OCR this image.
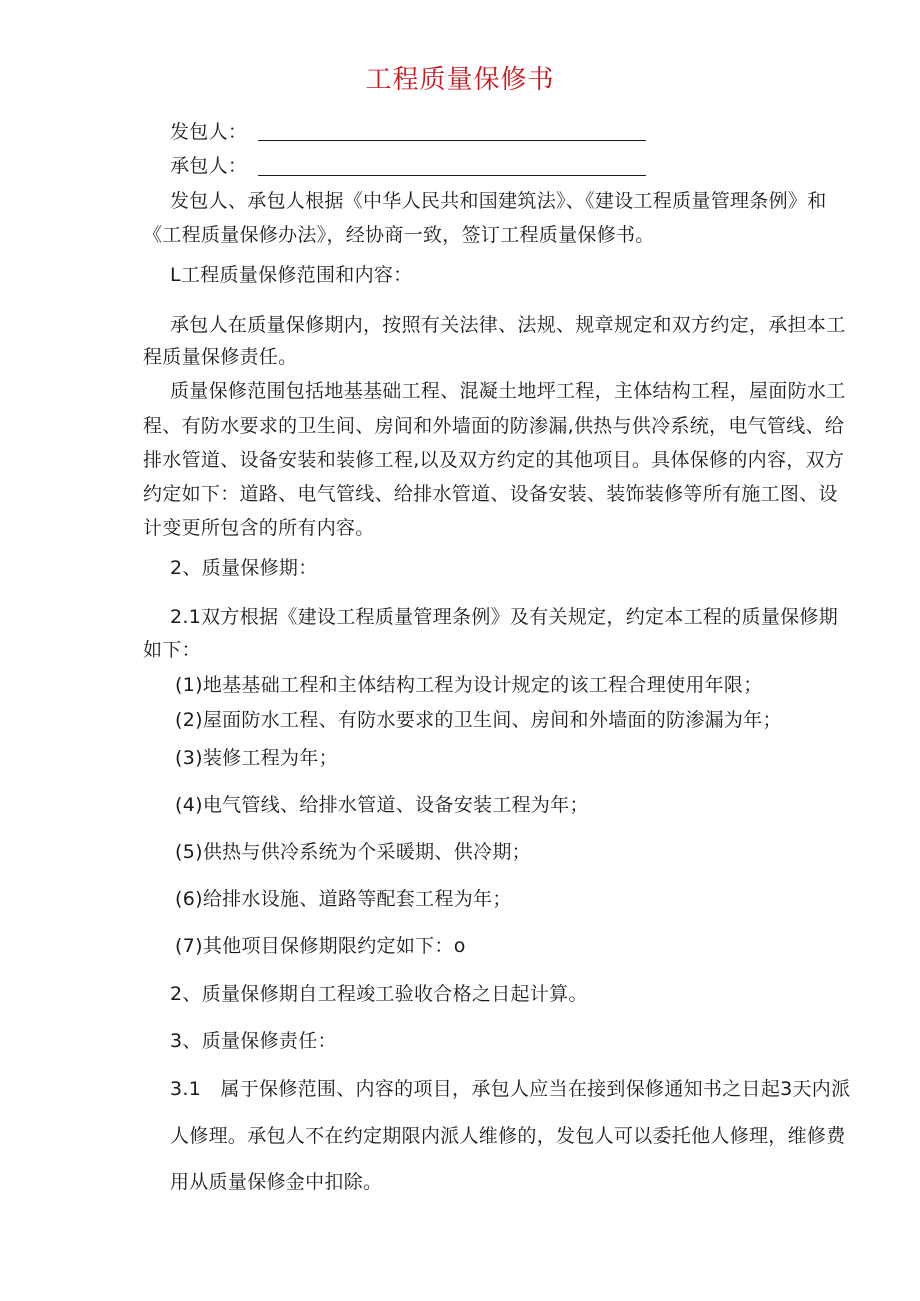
工程质量保修书
发包人：
承包人：
发包人、承包人根据《中华人民共和国建筑法》、《建设工程质量管理条例》和
《工程质量保修办法》，经协商一致，签订工程质量保修书。
L工程质量保修范围和内容：
承包人在质量保修期内，按照有关法律、法规、规章规定和双方约定，承担本工
程质量保修责任。
质量保修范围包括地基基础工程、混凝土地坪工程，主体结构工程，屋面防水工
程、有防水要求的卫生间、房间和外墙面的防渗漏,供热与供冷系统，电气管线、给
排水管道、设备安装和装修工程,以及双方约定的其他项目。具体保修的内容，双方
约定如下：道路、电气管线、给排水管道、设备安装、装饰装修等所有施工图、设
计变更所包含的所有内容。
2、质量保修期：
2.1双方根据《建设工程质量管理条例》及有关规定，约定本工程的质量保修期
如下：
(1)地基基础工程和主体结构工程为设计规定的该工程合理使用年限；
(2)屋面防水工程、有防水要求的卫生间、房间和外墙面的防渗漏为年；
(3)装修工程为年；
(4)电气管线、给排水管道、设备安装工程为年；
(5)供热与供冷系统为个采暖期、供冷期；
(6)给排水设施、道路等配套工程为年；
(7)其他项目保修期限约定如下：o
2、质量保修期自工程竣工验收合格之日起计算。
3、质量保修责任：
3.1　属于保修范围、内容的项目，承包人应当在接到保修通知书之日起3天内派
人修理。承包人不在约定期限内派人维修的，发包人可以委托他人修理，维修费
用从质量保修金中扣除。
